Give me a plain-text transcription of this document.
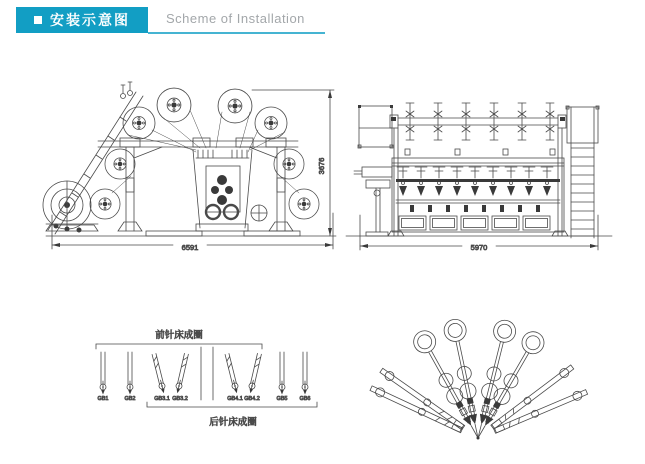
安装示意图	Scheme of Installation
6591
3676
5970
前针床成圈
GB1	GB2	GB3.1 GB3.2	GB4.1 GB4.2	GB5 GB6
后针床成圈
